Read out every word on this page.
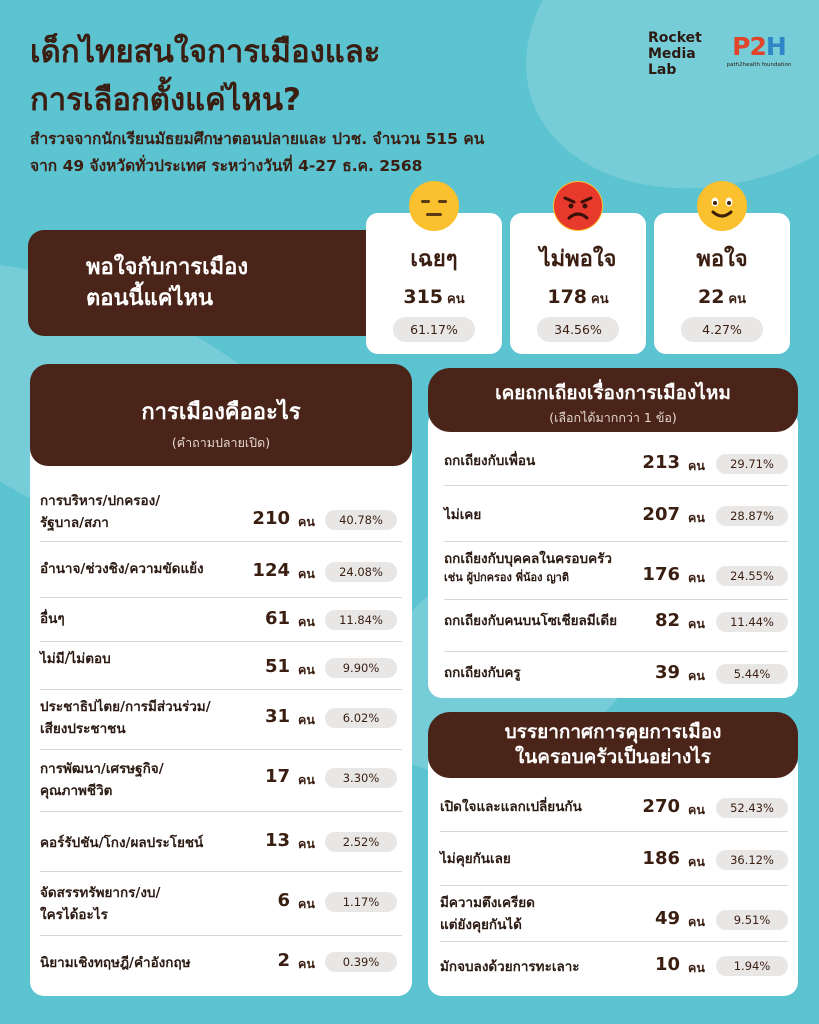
เด็กไทยสนใจการเมืองและ
การเลือกตั้งแค่ไหน?
สำรวจจากนักเรียนมัธยมศึกษาตอนปลายและ ปวช. จำนวน 515 คน
จาก 49 จังหวัดทั่วประเทศ ระหว่างวันที่ 4-27 ธ.ค. 2568
Rocket
Media
Lab
P2H
path2health foundation
พอใจกับการเมือง
ตอนนี้แค่ไหน
เฉยๆ
315 คน
61.17%
ไม่พอใจ
178 คน
34.56%
พอใจ
22 คน
4.27%
การเมืองคืออะไร
(คำถามปลายเปิด)
การบริหาร/ปกครอง/
รัฐบาล/สภา	210 คน	40.78%
อำนาจ/ช่วงชิง/ความขัดแย้ง	124 คน	24.08%
อื่นๆ	61 คน	11.84%
ไม่มี/ไม่ตอบ	51 คน	9.90%
ประชาธิปไตย/การมีส่วนร่วม/
เสียงประชาชน
31 คน	6.02%
การพัฒนา/เศรษฐกิจ/
คุณภาพชีวิต
17 คน	3.30%
คอร์รัปชัน/โกง/ผลประโยชน์	13 คน	2.52%
จัดสรรทรัพยากร/งบ/
ใครได้อะไร
6 คน	1.17%
นิยามเชิงทฤษฎี/คำอังกฤษ	2 คน	0.39%
เคยถกเถียงเรื่องการเมืองไหม
(เลือกได้มากกว่า 1 ข้อ)
ถกเถียงกับเพื่อน	213 คน	29.71%
ไม่เคย	207 คน	28.87%
ถกเถียงกับบุคคลในครอบครัว
เช่น ผู้ปกครอง พี่น้อง ญาติ	176 คน	24.55%
ถกเถียงกับคนบนโซเชียลมีเดีย	82 คน	11.44%
ถกเถียงกับครู	39 คน	5.44%
บรรยากาศการคุยการเมือง
ในครอบครัวเป็นอย่างไร
เปิดใจและแลกเปลี่ยนกัน	270 คน	52.43%
ไม่คุยกันเลย	186 คน	36.12%
มีความตึงเครียด
แต่ยังคุยกันได้	49 คน	9.51%
มักจบลงด้วยการทะเลาะ	10 คน	1.94%
